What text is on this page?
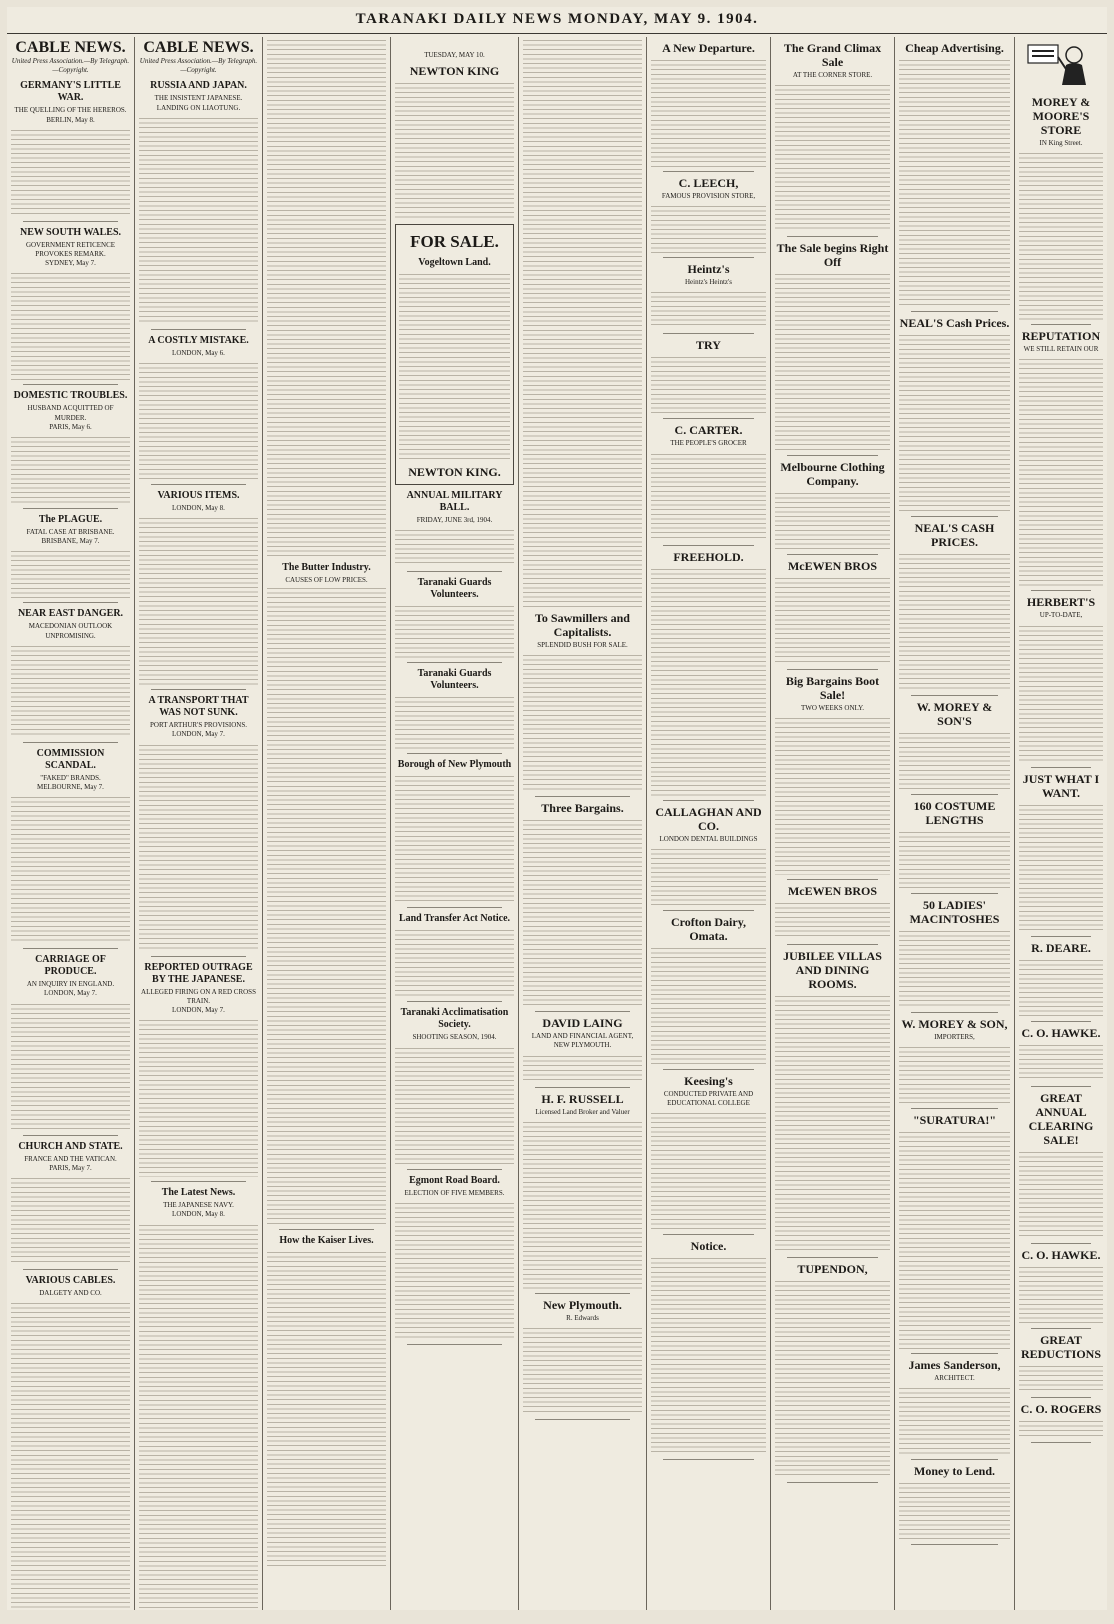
TARANAKI DAILY NEWS MONDAY, MAY 9. 1904.
CABLE NEWS.
United Press Association.—By Telegraph.—Copyright.
GERMANY'S LITTLE WAR.
THE QUELLING OF THE HEREROS.
BERLIN, May 8.
NEW SOUTH WALES.
GOVERNMENT RETICENCE PROVOKES REMARK.
SYDNEY, May 7.
DOMESTIC TROUBLES.
HUSBAND ACQUITTED OF MURDER.
PARIS, May 6.
The PLAGUE.
FATAL CASE AT BRISBANE.
BRISBANE, May 7.
NEAR EAST DANGER.
MACEDONIAN OUTLOOK UNPROMISING.
COMMISSION SCANDAL.
"FAKED" BRANDS.
MELBOURNE, May 7.
CARRIAGE OF PRODUCE.
AN INQUIRY IN ENGLAND.
LONDON, May 7.
CHURCH AND STATE.
FRANCE AND THE VATICAN.
PARIS, May 7.
VARIOUS CABLES.
DALGETY AND CO.
CABLE NEWS.
United Press Association.—By Telegraph.—Copyright.
RUSSIA AND JAPAN.
THE INSISTENT JAPANESE.
LANDING ON LIAOTUNG.
A COSTLY MISTAKE.
LONDON, May 6.
VARIOUS ITEMS.
LONDON, May 8.
A TRANSPORT THAT WAS NOT SUNK.
PORT ARTHUR'S PROVISIONS.
LONDON, May 7.
REPORTED OUTRAGE BY THE JAPANESE.
ALLEGED FIRING ON A RED CROSS TRAIN.
LONDON, May 7.
The Latest News.
THE JAPANESE NAVY.
LONDON, May 8.
The Butter Industry.
CAUSES OF LOW PRICES.
How the Kaiser Lives.
TUESDAY, MAY 10.
NEWTON KING
FOR SALE.
Vogeltown Land.
NEWTON KING.
ANNUAL MILITARY BALL.
FRIDAY, JUNE 3rd, 1904.
Taranaki Guards Volunteers.
Taranaki Guards Volunteers.
Borough of New Plymouth
Land Transfer Act Notice.
Taranaki Acclimatisation Society.
SHOOTING SEASON, 1904.
Egmont Road Board.
ELECTION OF FIVE MEMBERS.
To Sawmillers and Capitalists.
SPLENDID BUSH FOR SALE.
Three Bargains.
DAVID LAING
LAND AND FINANCIAL AGENT, NEW PLYMOUTH.
H. F. RUSSELL
Licensed Land Broker and Valuer
New Plymouth.
R. Edwards
A New Departure.
C. LEECH,
FAMOUS PROVISION STORE,
Heintz's
Heintz's Heintz's
TRY
C. CARTER.
THE PEOPLE'S GROCER
FREEHOLD.
CALLAGHAN AND CO.
LONDON DENTAL BUILDINGS
Crofton Dairy, Omata.
Keesing's
CONDUCTED PRIVATE AND EDUCATIONAL COLLEGE
Notice.
The Grand Climax Sale
AT THE CORNER STORE.
The Sale begins Right Off
Melbourne Clothing Company.
McEWEN BROS
Big Bargains Boot Sale!
TWO WEEKS ONLY.
McEWEN BROS
JUBILEE VILLAS AND DINING ROOMS.
TUPENDON,
Cheap Advertising.
NEAL'S Cash Prices.
NEAL'S CASH PRICES.
W. MOREY & SON'S
160 COSTUME LENGTHS
50 LADIES' MACINTOSHES
W. MOREY & SON,
IMPORTERS,
"SURATURA!"
James Sanderson,
ARCHITECT.
Money to Lend.
MOREY & MOORE'S STORE
IN King Street.
REPUTATION
WE STILL RETAIN OUR
HERBERT'S
UP-TO-DATE,
JUST WHAT I WANT.
R. DEARE.
C. O. HAWKE.
GREAT ANNUAL CLEARING SALE!
C. O. HAWKE.
GREAT REDUCTIONS
C. O. ROGERS
